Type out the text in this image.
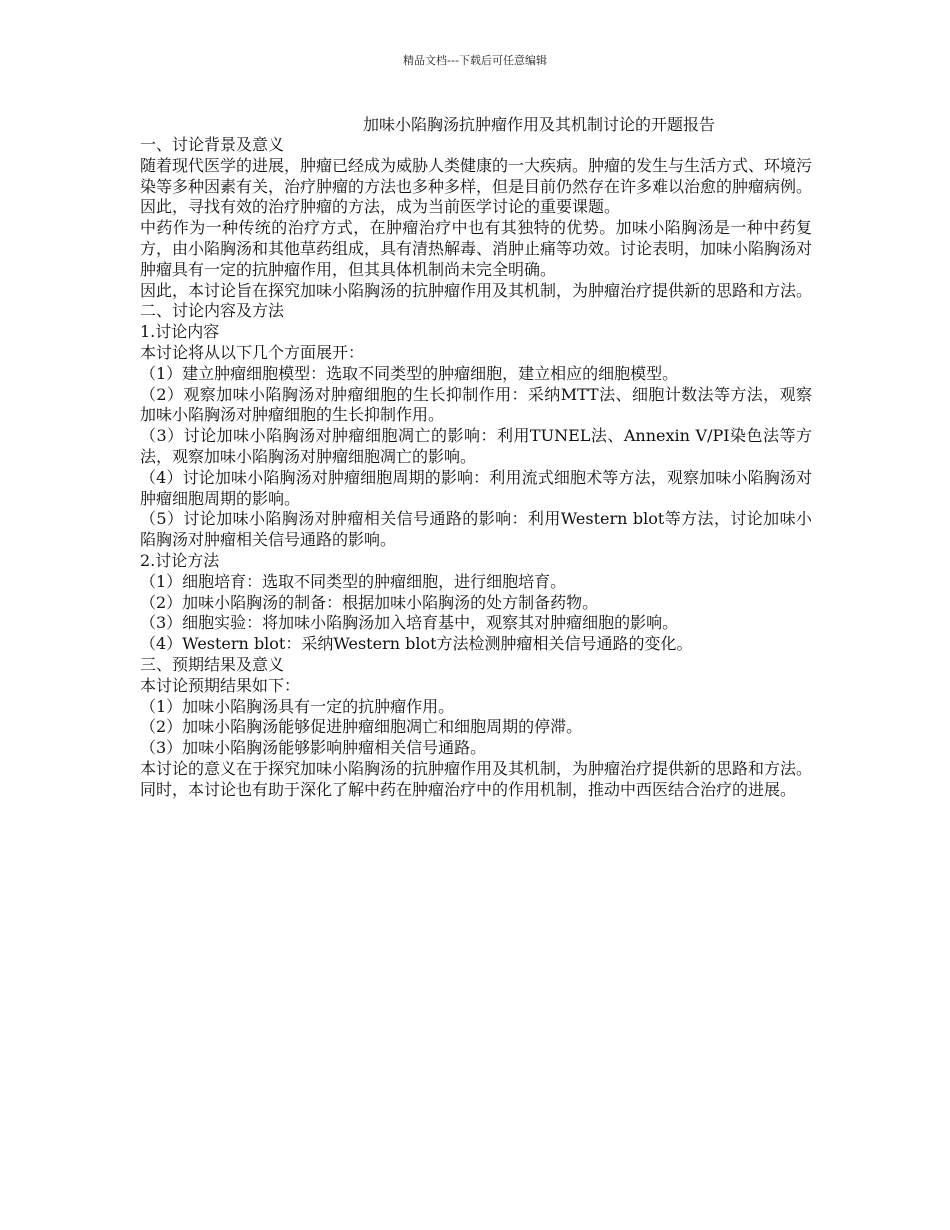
精品文档---下载后可任意编辑
加味小陷胸汤抗肿瘤作用及其机制讨论的开题报告

一、讨论背景及意义

随着现代医学的进展，肿瘤已经成为威胁人类健康的一大疾病。肿瘤的发生与生活方式、环境污染等多种因素有关，治疗肿瘤的方法也多种多样，但是目前仍然存在许多难以治愈的肿瘤病例。因此，寻找有效的治疗肿瘤的方法，成为当前医学讨论的重要课题。

中药作为一种传统的治疗方式，在肿瘤治疗中也有其独特的优势。加味小陷胸汤是一种中药复方，由小陷胸汤和其他草药组成，具有清热解毒、消肿止痛等功效。讨论表明，加味小陷胸汤对肿瘤具有一定的抗肿瘤作用，但其具体机制尚未完全明确。

因此，本讨论旨在探究加味小陷胸汤的抗肿瘤作用及其机制，为肿瘤治疗提供新的思路和方法。

二、讨论内容及方法

1.讨论内容

本讨论将从以下几个方面展开：

（1）建立肿瘤细胞模型：选取不同类型的肿瘤细胞，建立相应的细胞模型。

（2）观察加味小陷胸汤对肿瘤细胞的生长抑制作用：采纳MTT法、细胞计数法等方法，观察加味小陷胸汤对肿瘤细胞的生长抑制作用。

（3）讨论加味小陷胸汤对肿瘤细胞凋亡的影响：利用TUNEL法、Annexin V/PI染色法等方法，观察加味小陷胸汤对肿瘤细胞凋亡的影响。

（4）讨论加味小陷胸汤对肿瘤细胞周期的影响：利用流式细胞术等方法，观察加味小陷胸汤对肿瘤细胞周期的影响。

（5）讨论加味小陷胸汤对肿瘤相关信号通路的影响：利用Western blot等方法，讨论加味小陷胸汤对肿瘤相关信号通路的影响。

2.讨论方法

（1）细胞培育：选取不同类型的肿瘤细胞，进行细胞培育。

（2）加味小陷胸汤的制备：根据加味小陷胸汤的处方制备药物。

（3）细胞实验：将加味小陷胸汤加入培育基中，观察其对肿瘤细胞的影响。

（4）Western blot：采纳Western blot方法检测肿瘤相关信号通路的变化。

三、预期结果及意义

本讨论预期结果如下：

（1）加味小陷胸汤具有一定的抗肿瘤作用。

（2）加味小陷胸汤能够促进肿瘤细胞凋亡和细胞周期的停滞。

（3）加味小陷胸汤能够影响肿瘤相关信号通路。

本讨论的意义在于探究加味小陷胸汤的抗肿瘤作用及其机制，为肿瘤治疗提供新的思路和方法。同时，本讨论也有助于深化了解中药在肿瘤治疗中的作用机制，推动中西医结合治疗的进展。
